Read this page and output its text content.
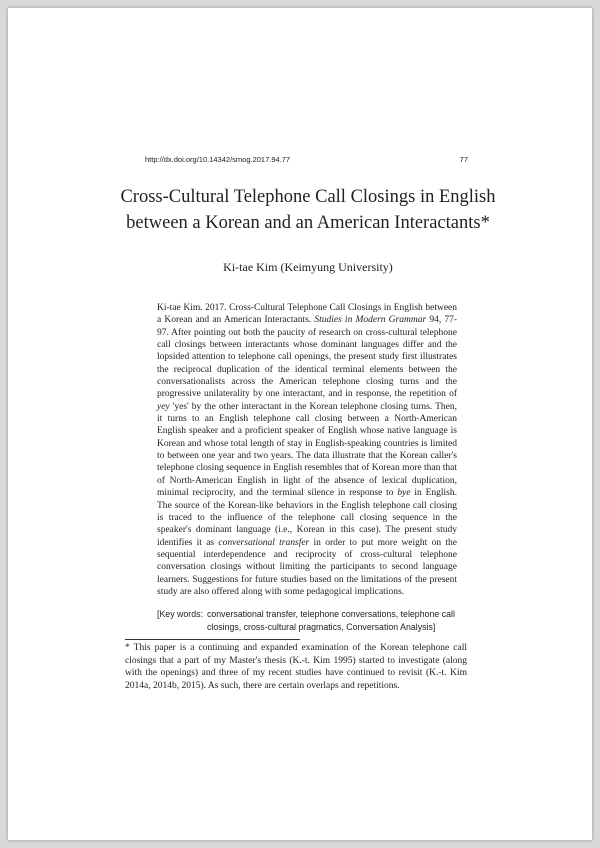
http://dx.doi.org/10.14342/smog.2017.94.77	77
Cross-Cultural Telephone Call Closings in English
between a Korean and an American Interactants*
Ki-tae Kim (Keimyung University)

Ki-tae Kim. 2017. Cross-Cultural Telephone Call Closings in English between a Korean and an American Interactants. Studies in Modern Grammar 94, 77-97. After pointing out both the paucity of research on cross-cultural telephone call closings between interactants whose dominant languages differ and the lopsided attention to telephone call openings, the present study first illustrates the reciprocal duplication of the identical terminal elements between the conversationalists across the American telephone closing turns and the progressive unilaterality by one interactant, and in response, the repetition of yey 'yes' by the other interactant in the Korean telephone closing turns. Then, it turns to an English telephone call closing between a North-American English speaker and a proficient speaker of English whose native language is Korean and whose total length of stay in English-speaking countries is limited to between one year and two years. The data illustrate that the Korean caller's telephone closing sequence in English resembles that of Korean more than that of North-American English in light of the absence of lexical duplication, minimal reciprocity, and the terminal silence in response to bye in English. The source of the Korean-like behaviors in the English telephone call closing is traced to the influence of the telephone call closing sequence in the speaker's dominant language (i.e., Korean in this case). The present study identifies it as conversational transfer in order to put more weight on the sequential interdependence and reciprocity of cross-cultural telephone conversation closings without limiting the participants to second language learners. Suggestions for future studies based on the limitations of the present study are also offered along with some pedagogical implications.

[Key words: conversational transfer, telephone conversations, telephone call closings, cross-cultural pragmatics, Conversation Analysis]

* This paper is a continuing and expanded examination of the Korean telephone call closings that a part of my Master's thesis (K.-t. Kim 1995) started to investigate (along with the openings) and three of my recent studies have continued to revisit (K.-t. Kim 2014a, 2014b, 2015). As such, there are certain overlaps and repetitions.
